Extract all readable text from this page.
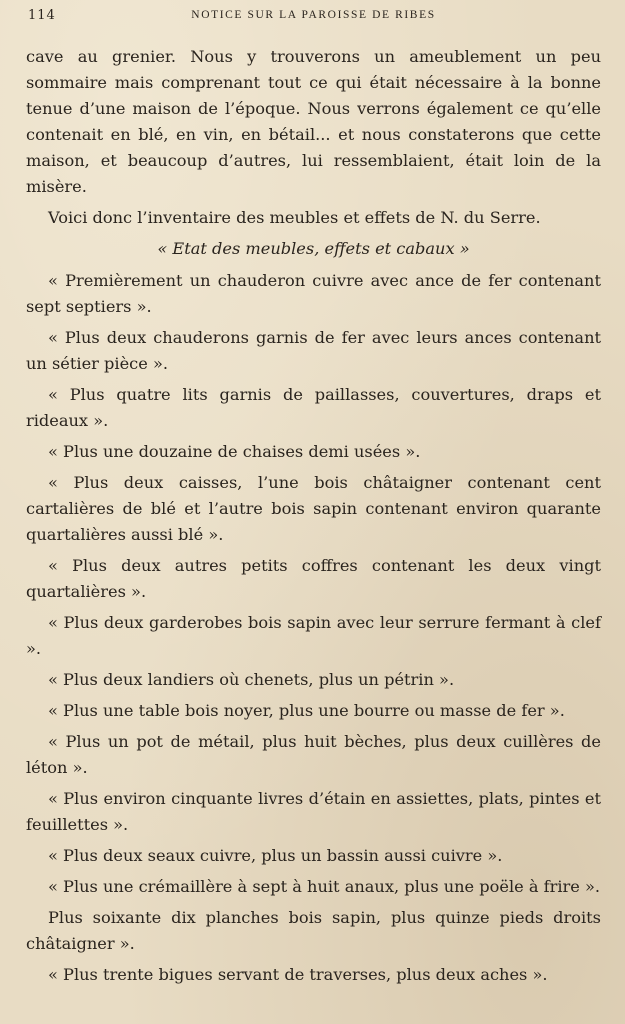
114	NOTICE SUR LA PAROISSE DE RIBES

cave au grenier. Nous y trouverons un ameublement un peu sommaire mais comprenant tout ce qui était nécessaire à la bonne tenue d’une maison de l’époque. Nous verrons également ce qu’elle contenait en blé, en vin, en bétail... et nous constaterons que cette maison, et beaucoup d’autres, lui ressemblaient, était loin de la misère.

Voici donc l’inventaire des meubles et effets de N. du Serre.

« Etat des meubles, effets et cabaux »

« Premièrement un chauderon cuivre avec ance de fer contenant sept septiers ».

« Plus deux chauderons garnis de fer avec leurs ances contenant un sétier pièce ».

« Plus quatre lits garnis de paillasses, couvertures, draps et rideaux ».

« Plus une douzaine de chaises demi usées ».

« Plus deux caisses, l’une bois châtaigner contenant cent cartalières de blé et l’autre bois sapin contenant environ quarante quartalières aussi blé ».

« Plus deux autres petits coffres contenant les deux vingt quartalières ».

« Plus deux garderobes bois sapin avec leur serrure fermant à clef ».

« Plus deux landiers où chenets, plus un pétrin ».

« Plus une table bois noyer, plus une bourre ou masse de fer ».

« Plus un pot de métail, plus huit bèches, plus deux cuillères de léton ».

« Plus environ cinquante livres d’étain en assiettes, plats, pintes et feuillettes ».

« Plus deux seaux cuivre, plus un bassin aussi cuivre ».

« Plus une crémaillère à sept à huit anaux, plus une poële à frire ».

Plus soixante dix planches bois sapin, plus quinze pieds droits châtaigner ».

« Plus trente bigues servant de traverses, plus deux aches ».
